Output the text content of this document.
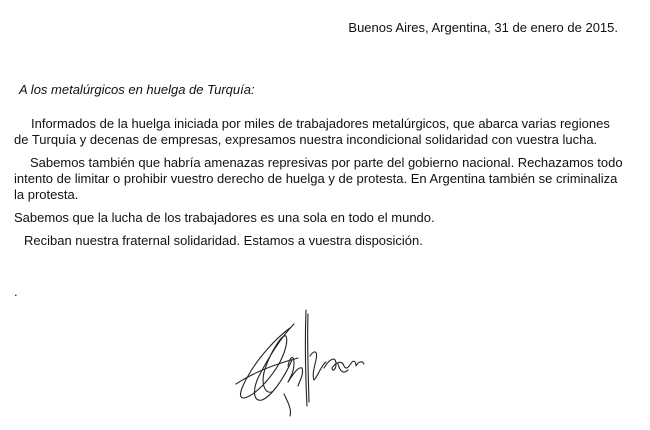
Buenos Aires, Argentina, 31 de enero de 2015.
A los metalúrgicos en huelga de Turquía:

Informados de la huelga iniciada por miles de trabajadores metalúrgicos, que abarca varias regiones de Turquía y decenas de empresas, expresamos nuestra incondicional solidaridad con vuestra lucha.

Sabemos también que habría amenazas represivas por parte del gobierno nacional. Rechazamos todo intento de limitar o prohibir vuestro derecho de huelga y de protesta. En Argentina también se criminaliza la protesta.

Sabemos que la lucha de los trabajadores es una sola en todo el mundo.

Reciban nuestra fraternal solidaridad. Estamos a vuestra disposición.

.
